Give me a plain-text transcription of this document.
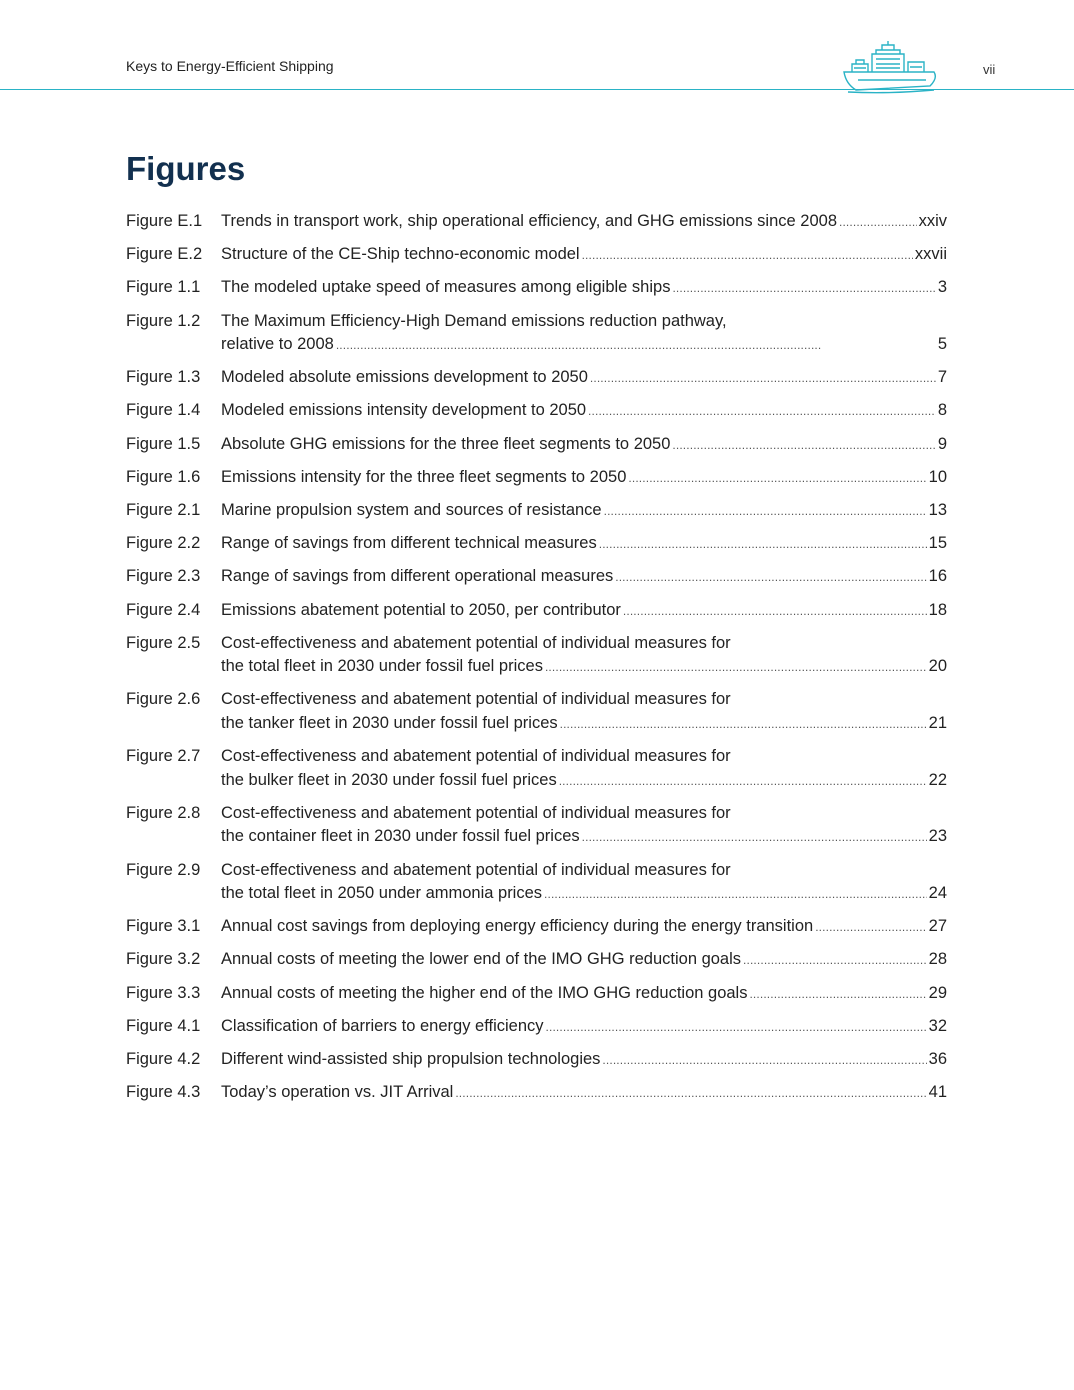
Keys to Energy-Efficient Shipping	vii
Figures
Figure E.1	Trends in transport work, ship operational efficiency, and GHG emissions since 2008 . . .	xxiv
Figure E.2	Structure of the CE-Ship techno-economic model . . .	xxvii
Figure 1.1	The modeled uptake speed of measures among eligible ships . . .	3
Figure 1.2	The Maximum Efficiency-High Demand emissions reduction pathway,
relative to 2008 . . .	5
Figure 1.3	Modeled absolute emissions development to 2050 . . .	7
Figure 1.4	Modeled emissions intensity development to 2050 . . .	8
Figure 1.5	Absolute GHG emissions for the three fleet segments to 2050 . . .	9
Figure 1.6	Emissions intensity for the three fleet segments to 2050 . . .	10
Figure 2.1	Marine propulsion system and sources of resistance . . .	13
Figure 2.2	Range of savings from different technical measures . . .	15
Figure 2.3	Range of savings from different operational measures . . .	16
Figure 2.4	Emissions abatement potential to 2050, per contributor . . .	18
Figure 2.5	Cost-effectiveness and abatement potential of individual measures for
the total fleet in 2030 under fossil fuel prices . . .	20
Figure 2.6	Cost-effectiveness and abatement potential of individual measures for
the tanker fleet in 2030 under fossil fuel prices . . .	21
Figure 2.7	Cost-effectiveness and abatement potential of individual measures for
the bulker fleet in 2030 under fossil fuel prices . . .	22
Figure 2.8	Cost-effectiveness and abatement potential of individual measures for
the container fleet in 2030 under fossil fuel prices . . .	23
Figure 2.9	Cost-effectiveness and abatement potential of individual measures for
the total fleet in 2050 under ammonia prices . . .	24
Figure 3.1	Annual cost savings from deploying energy efficiency during the energy transition . . .	27
Figure 3.2	Annual costs of meeting the lower end of the IMO GHG reduction goals . . .	28
Figure 3.3	Annual costs of meeting the higher end of the IMO GHG reduction goals . . .	29
Figure 4.1	Classification of barriers to energy efficiency . . .	32
Figure 4.2	Different wind-assisted ship propulsion technologies . . .	36
Figure 4.3	Today’s operation vs. JIT Arrival . . .	41
